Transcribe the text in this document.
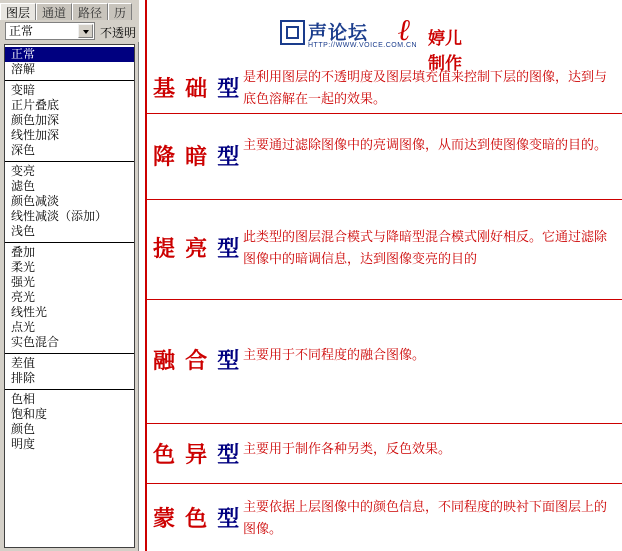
图层	通道	路径	历
正常	不透明
正常
溶解
变暗
正片叠底
颜色加深
线性加深
深色
变亮
滤色
颜色减淡
线性减淡（添加）
浅色
叠加
柔光
强光
亮光
线性光
点光
实色混合
差值
排除
色相
饱和度
颜色
明度
声论坛
HTTP://WWW.VOICE.COM.CN
ℓ 婷儿制作
基 础 型 是利用图层的不透明度及图层填充值来控制下层的图像，达到与底色溶解在一起的效果。
降 暗 型 主要通过滤除图像中的亮调图像，从而达到使图像变暗的目的。
提 亮 型 此类型的图层混合模式与降暗型混合模式刚好相反。它通过滤除图像中的暗调信息，达到图像变亮的目的
融 合 型 主要用于不同程度的融合图像。
色 异 型 主要用于制作各种另类，反色效果。
蒙 色 型 主要依据上层图像中的颜色信息，不同程度的映衬下面图层上的图像。
